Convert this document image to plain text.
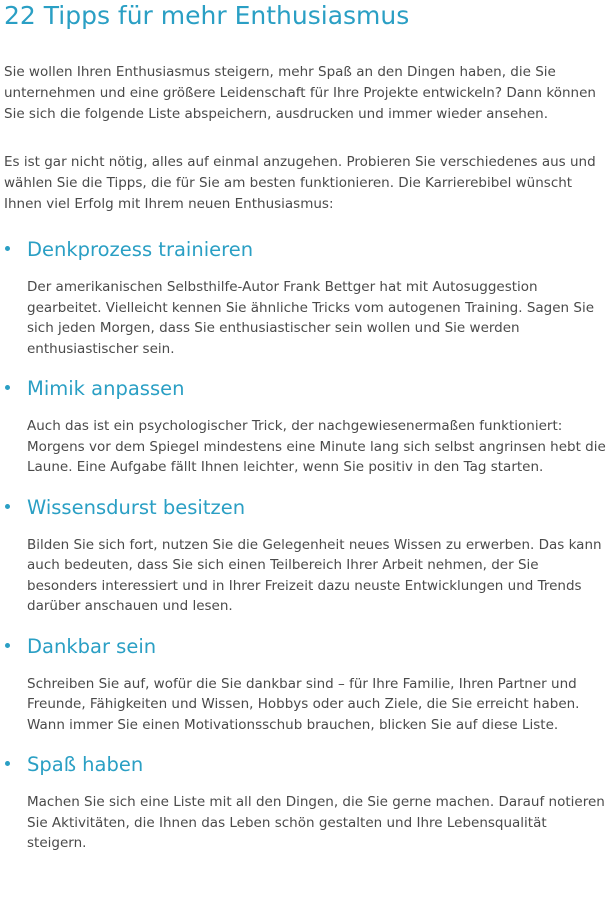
22 Tipps für mehr Enthusiasmus

Sie wollen Ihren Enthusiasmus steigern, mehr Spaß an den Dingen haben, die Sie unternehmen und eine größere Leidenschaft für Ihre Projekte entwickeln? Dann können Sie sich die folgende Liste abspeichern, ausdrucken und immer wieder ansehen.

Es ist gar nicht nötig, alles auf einmal anzugehen. Probieren Sie verschiedenes aus und wählen Sie die Tipps, die für Sie am besten funktionieren. Die Karrierebibel wünscht Ihnen viel Erfolg mit Ihrem neuen Enthusiasmus:

Denkprozess trainieren

Der amerikanischen Selbsthilfe-Autor Frank Bettger hat mit Autosuggestion gearbeitet. Vielleicht kennen Sie ähnliche Tricks vom autogenen Training. Sagen Sie sich jeden Morgen, dass Sie enthusiastischer sein wollen und Sie werden enthusiastischer sein.

Mimik anpassen

Auch das ist ein psychologischer Trick, der nachgewiesenermaßen funktioniert: Morgens vor dem Spiegel mindestens eine Minute lang sich selbst angrinsen hebt die Laune. Eine Aufgabe fällt Ihnen leichter, wenn Sie positiv in den Tag starten.

Wissensdurst besitzen

Bilden Sie sich fort, nutzen Sie die Gelegenheit neues Wissen zu erwerben. Das kann auch bedeuten, dass Sie sich einen Teilbereich Ihrer Arbeit nehmen, der Sie besonders interessiert und in Ihrer Freizeit dazu neuste Entwicklungen und Trends darüber anschauen und lesen.

Dankbar sein

Schreiben Sie auf, wofür die Sie dankbar sind – für Ihre Familie, Ihren Partner und Freunde, Fähigkeiten und Wissen, Hobbys oder auch Ziele, die Sie erreicht haben. Wann immer Sie einen Motivationsschub brauchen, blicken Sie auf diese Liste.

Spaß haben

Machen Sie sich eine Liste mit all den Dingen, die Sie gerne machen. Darauf notieren Sie Aktivitäten, die Ihnen das Leben schön gestalten und Ihre Lebensqualität steigern.
